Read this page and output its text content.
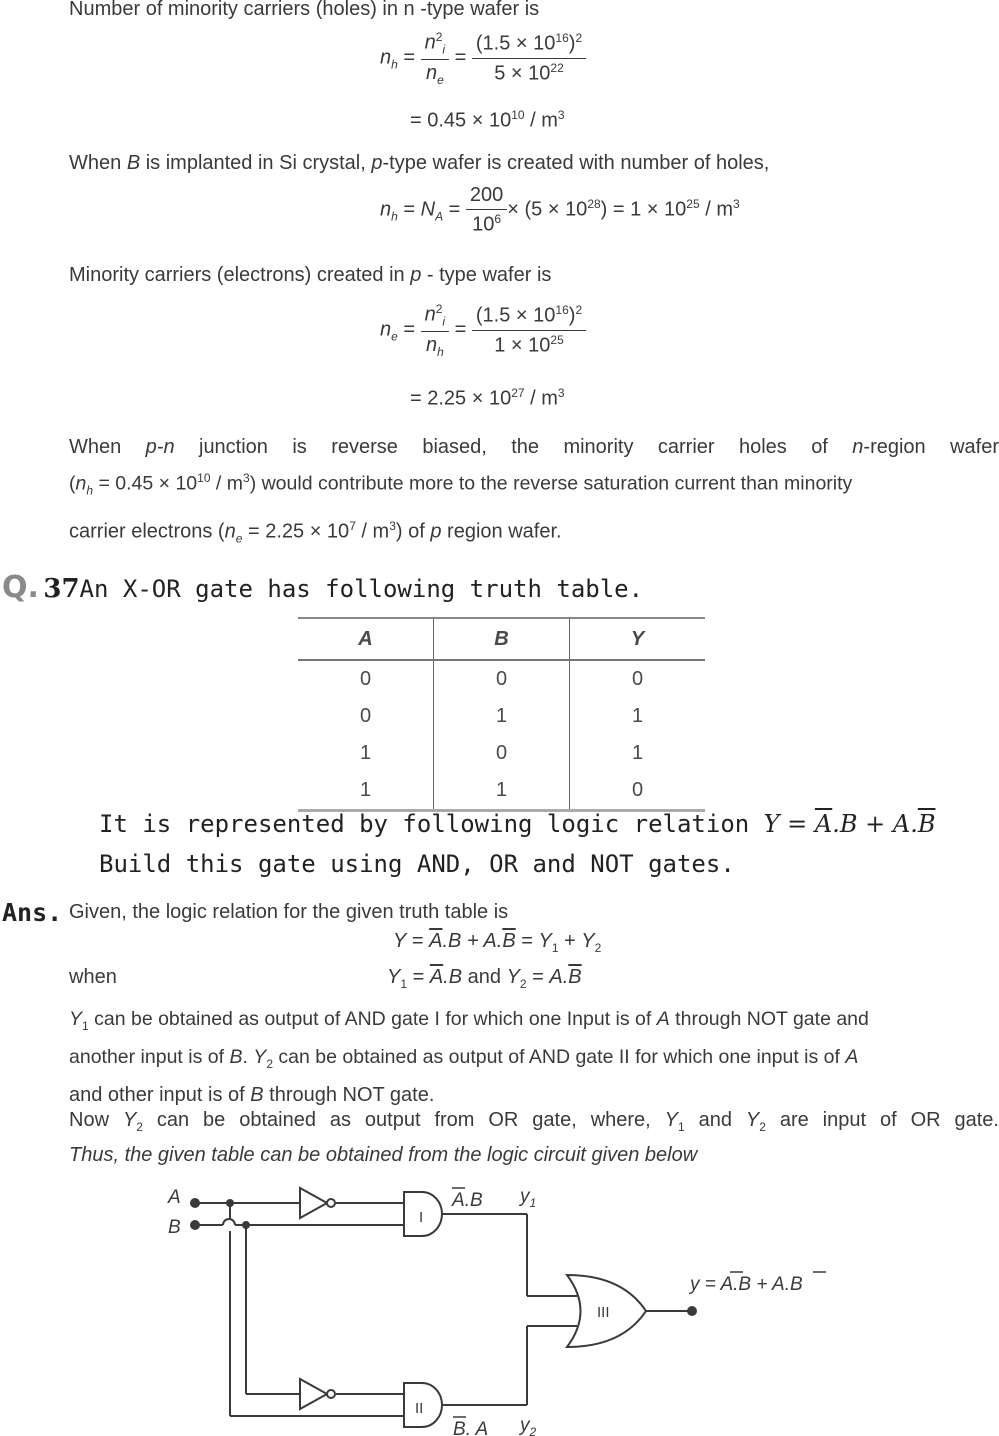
Number of minority carriers (holes) in n -type wafer is
$n_h = \frac{n^2_i}{n_e} = \frac{(1.5 \times 10^{16})^2}{5 \times 10^{22}}$
= $0.45 \times 10^{10} / m^3$
When B is implanted in Si crystal, p-type wafer is created with number of holes,
$n_h = N_A = \frac{200}{10^6} \times (5 \times 10^{28}) = 1 \times 10^{25} / m^3$
Minority carriers (electrons) created in p - type wafer is
$n_e = \frac{n^2_i}{n_h} = \frac{(1.5 \times 10^{16})^2}{1 \times 10^{25}}$
= $2.25 \times 10^{27} / m^3$
When p-n junction is reverse biased, the minority carrier holes of n-region wafer
$(n_h = 0.45 \times 10^{10} / m^3)$ would contribute more to the reverse saturation current than minority
carrier electrons $(n_e = 2.25 \times 10^7 / m^3)$ of p region wafer.
Q. 37An X-OR gate has following truth table.
A	B	Y
0	0	0
0	1	1
1	0	1
1	1	0
It is represented by following logic relation $Y = \overline{A}.B + A.\overline{B}$
Build this gate using AND, OR and NOT gates.
Ans. Given, the logic relation for the given truth table is
$Y = \overline{A}.B + A.\overline{B} = Y_1 + Y_2$
when	$Y_1 = \overline{A}.B$ and $Y_2 = A.\overline{B}$
$Y_1$ can be obtained as output of AND gate I for which one Input is of A through NOT gate and
another input is of B. $Y_2$ can be obtained as output of AND gate II for which one input is of A
and other input is of B through NOT gate.
Now $Y_2$ can be obtained as output from OR gate, where, $Y_1$ and $Y_2$ are input of OR gate.
Thus, the given table can be obtained from the logic circuit given below
A
B	I
II
III
A.B $y_1$
B. A $y_2$
y = A.B + A.B
